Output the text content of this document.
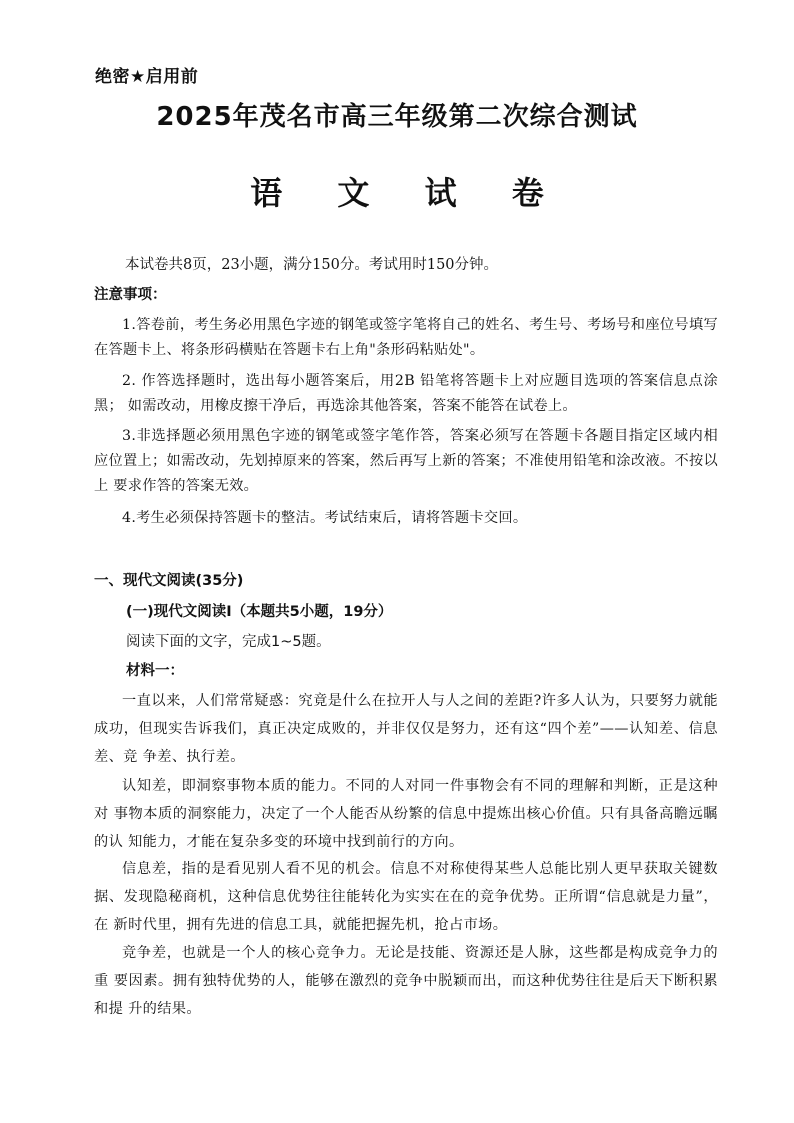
绝密★启用前
2025年茂名市高三年级第二次综合测试
语 文 试 卷
本试卷共8页，23小题，满分150分。考试用时150分钟。
注意事项：
1.答卷前，考生务必用黑色字迹的钢笔或签字笔将自己的姓名、考生号、考场号和座位号填写 在答题卡上、将条形码横贴在答题卡右上角"条形码粘贴处"。
2. 作答选择题时，选出每小题答案后，用2B 铅笔将答题卡上对应题目选项的答案信息点涂黑； 如需改动，用橡皮擦干净后，再选涂其他答案，答案不能答在试卷上。
3.非选择题必须用黑色字迹的钢笔或签字笔作答，答案必须写在答题卡各题目指定区域内相 应位置上；如需改动，先划掉原来的答案，然后再写上新的答案；不准使用铅笔和涂改液。不按以上 要求作答的答案无效。
4.考生必须保持答题卡的整洁。考试结束后，请将答题卡交回。
一、现代文阅读(35分)
(一)现代文阅读I（本题共5小题，19分）
阅读下面的文字，完成1~5题。
材料一：
一直以来，人们常常疑惑：究竟是什么在拉开人与人之间的差距?许多人认为，只要努力就能 成功，但现实告诉我们，真正决定成败的，并非仅仅是努力，还有这“四个差”——认知差、信息差、竞 争差、执行差。
认知差，即洞察事物本质的能力。不同的人对同一件事物会有不同的理解和判断，正是这种对 事物本质的洞察能力，决定了一个人能否从纷繁的信息中提炼出核心价值。只有具备高瞻远瞩的认 知能力，才能在复杂多变的环境中找到前行的方向。
信息差，指的是看见别人看不见的机会。信息不对称使得某些人总能比别人更早获取关键数 据、发现隐秘商机，这种信息优势往往能转化为实实在在的竞争优势。正所谓“信息就是力量”，在 新时代里，拥有先进的信息工具，就能把握先机，抢占市场。
竞争差，也就是一个人的核心竞争力。无论是技能、资源还是人脉，这些都是构成竞争力的重 要因素。拥有独特优势的人，能够在激烈的竞争中脱颖而出，而这种优势往往是后天下断积累和提 升的结果。
